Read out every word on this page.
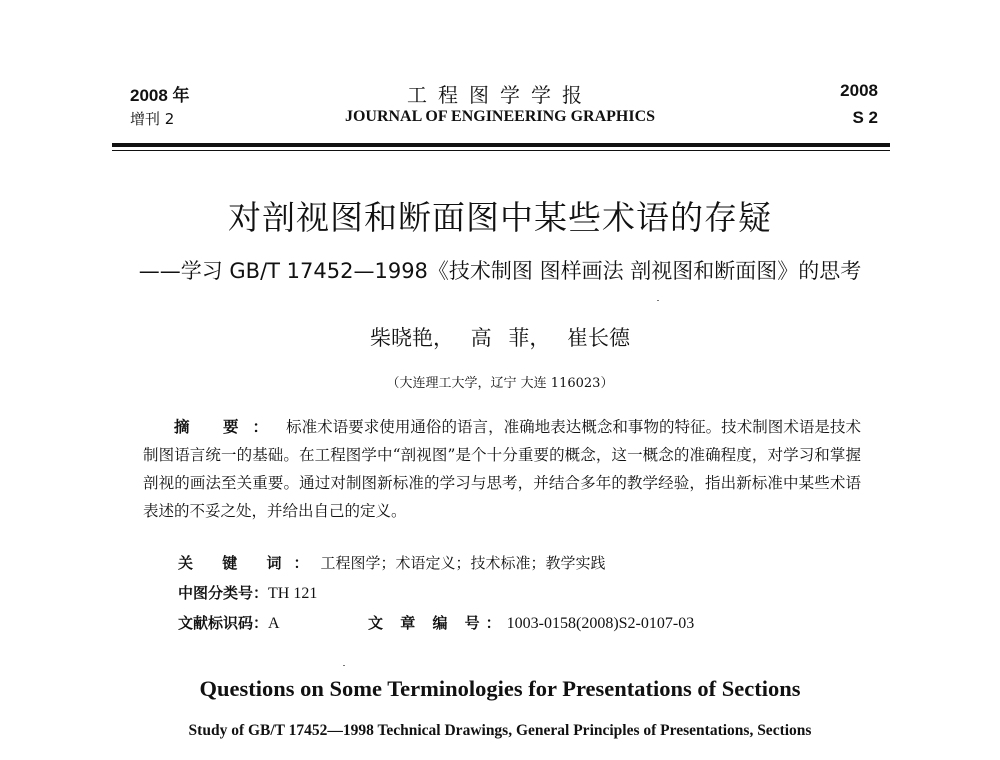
2008 年
增刊 2
工程图学学报
JOURNAL OF ENGINEERING GRAPHICS
2008
S 2
对剖视图和断面图中某些术语的存疑
——学习 GB/T 17452—1998《技术制图 图样画法 剖视图和断面图》的思考
柴晓艳， 高 菲， 崔长德
（大连理工大学，辽宁 大连 116023）
摘 要： 标准术语要求使用通俗的语言，准确地表达概念和事物的特征。技术制图术语是技术制图语言统一的基础。在工程图学中“剖视图”是个十分重要的概念，这一概念的准确程度，对学习和掌握剖视的画法至关重要。通过对制图新标准的学习与思考，并结合多年的教学经验，指出新标准中某些术语表述的不妥之处，并给出自己的定义。
关 键 词：工程图学；术语定义；技术标准；教学实践
中图分类号：TH 121
文献标识码：A	文 章 编 号：1003-0158(2008)S2-0107-03
Questions on Some Terminologies for Presentations of Sections
Study of GB/T 17452—1998 Technical Drawings, General Principles of Presentations, Sections
